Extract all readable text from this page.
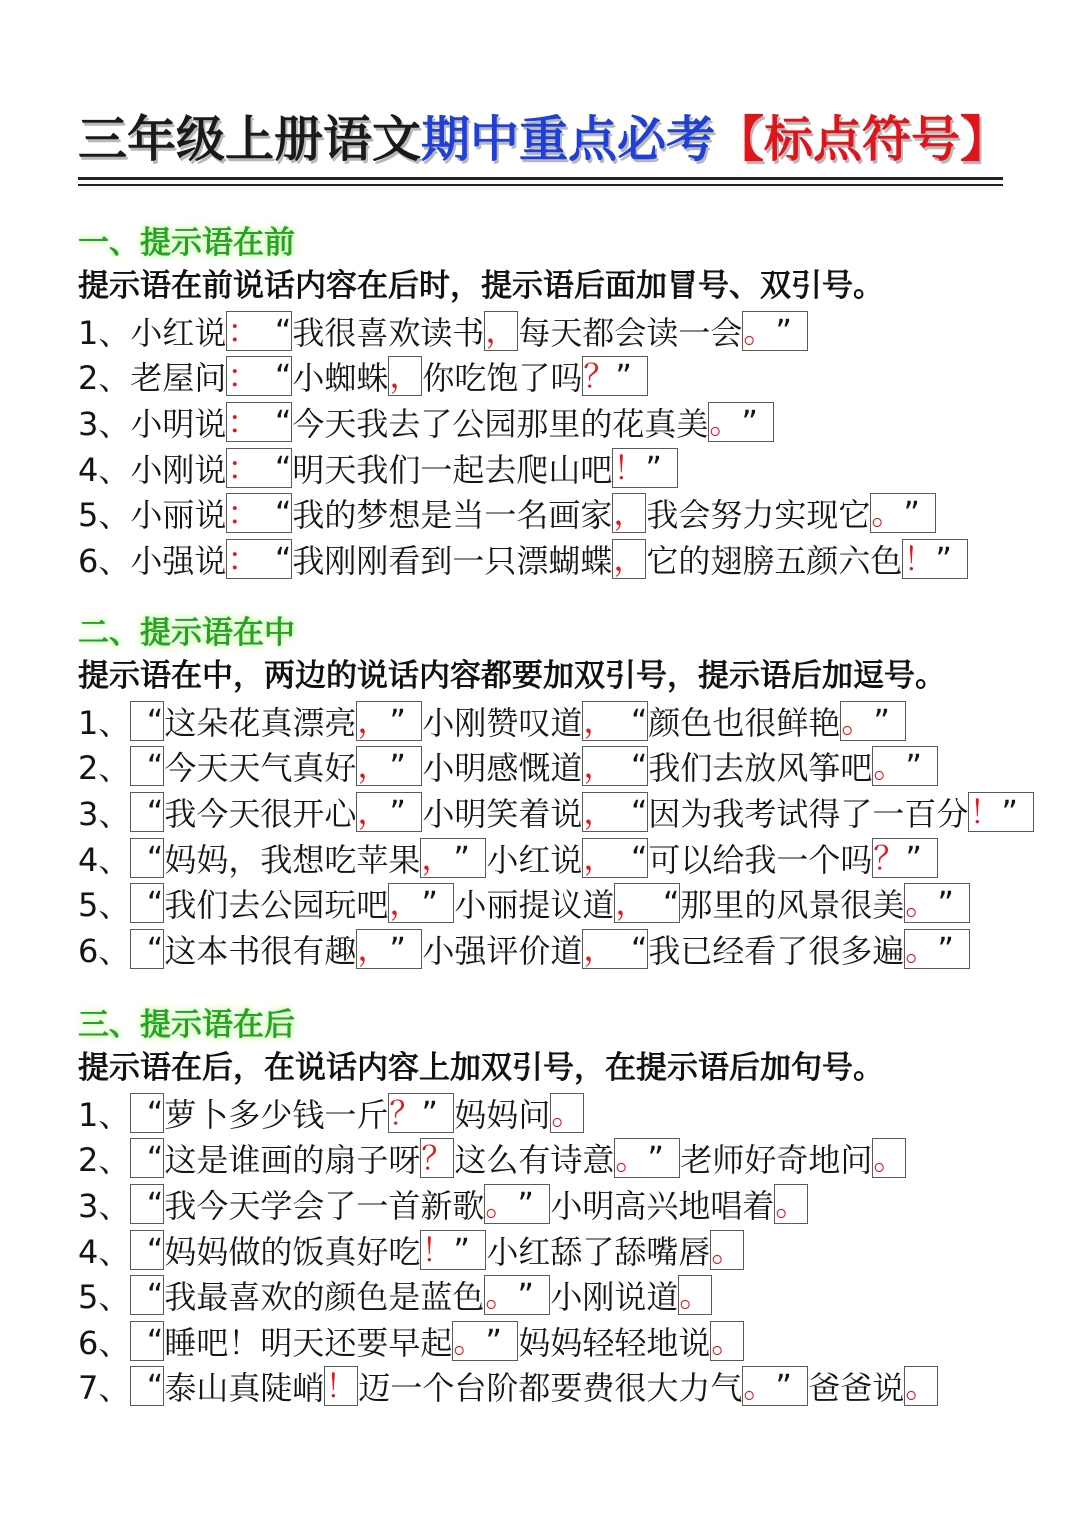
三年级上册语文期中重点必考【标点符号】
一、提示语在前
提示语在前说话内容在后时，提示语后面加冒号、双引号。
1、 小红说 ： “ 我很喜欢读书 ， 每天都会读一会 。 ”
2、 老屋问 ： “ 小蜘蛛 ， 你吃饱了吗 ？ ”
3、 小明说 ： “ 今天我去了公园那里的花真美 。 ”
4、 小刚说 ： “ 明天我们一起去爬山吧 ！ ”
5、 小丽说 ： “ 我的梦想是当一名画家 ， 我会努力实现它 。 ”
6、 小强说 ： “ 我刚刚看到一只漂蝴蝶 ， 它的翅膀五颜六色 ！ ”
二、提示语在中
提示语在中，两边的说话内容都要加双引号，提示语后加逗号。
1、 “ 这朵花真漂亮 ， ” 小刚赞叹道 ， “ 颜色也很鲜艳 。 ”
2、 “ 今天天气真好 ， ” 小明感慨道 ， “ 我们去放风筝吧 。 ”
3、 “ 我今天很开心 ， ” 小明笑着说 ， “ 因为我考试得了一百分 ！ ”
4、 “ 妈妈，我想吃苹果 ， ” 小红说 ， “ 可以给我一个吗 ？ ”
5、 “ 我们去公园玩吧 ， ” 小丽提议道 ， “ 那里的风景很美 。 ”
6、 “ 这本书很有趣 ， ” 小强评价道 ， “ 我已经看了很多遍 。 ”
三、提示语在后
提示语在后，在说话内容上加双引号，在提示语后加句号。
1、 “ 萝卜多少钱一斤 ？ ” 妈妈问 。
2、 “ 这是谁画的扇子呀 ？ 这么有诗意 。 ” 老师好奇地问 。
3、 “ 我今天学会了一首新歌 。 ” 小明高兴地唱着 。
4、 “ 妈妈做的饭真好吃 ！ ” 小红舔了舔嘴唇 。
5、 “ 我最喜欢的颜色是蓝色 。 ” 小刚说道 。
6、 “ 睡吧！明天还要早起 。 ” 妈妈轻轻地说 。
7、 “ 泰山真陡峭 ！ 迈一个台阶都要费很大力气 。 ” 爸爸说 。
